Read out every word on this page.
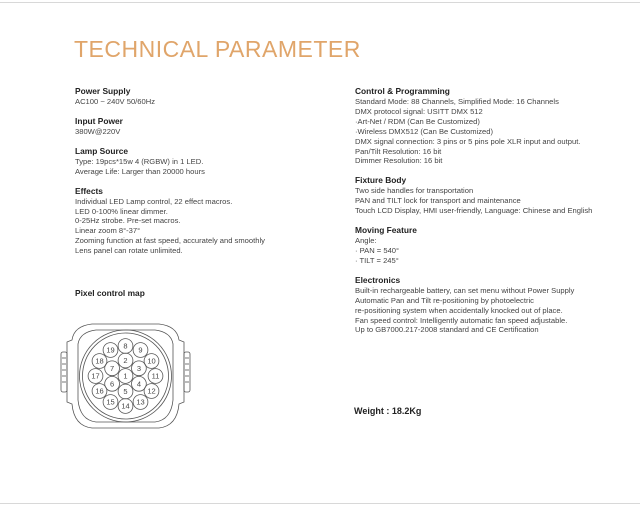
TECHNICAL PARAMETER
Power Supply
AC100 ~ 240V 50/60Hz
Input Power
380W@220V
Lamp Source
Type: 19pcs*15w 4 (RGBW) in 1 LED.
Average Life: Larger than 20000 hours
Effects
Individual LED Lamp control, 22 effect macros.
LED 0-100% linear dimmer.
0-25Hz strobe. Pre-set macros.
Linear zoom 8°-37°
Zooming function at fast speed, accurately and smoothly
Lens panel can rotate unlimited.
Pixel control map
1
2
3
4
5
6
7
8 9
10
11
12
13
14
15
16
17
18
19
Control & Programming
Standard Mode: 88 Channels, Simplified Mode: 16 Channels
DMX protocol signal: USITT DMX 512
·Art-Net / RDM (Can Be Customized)
·Wireless DMX512 (Can Be Customized)
DMX signal connection: 3 pins or 5 pins pole XLR input and output.
Pan/Tilt Resolution: 16 bit
Dimmer Resolution: 16 bit
Fixture Body
Two side handles for transportation
PAN and TILT lock for transport and maintenance
Touch LCD Display, HMI user-friendly, Language: Chinese and English
Moving Feature
Angle:
· PAN = 540°
· TILT = 245°
Electronics
Built-in rechargeable battery, can set menu without Power Supply
Automatic Pan and Tilt re-positioning by photoelectric
re-positioning system when accidentally knocked out of place.
Fan speed control: Intelligently automatic fan speed adjustable.
Up to GB7000.217-2008 standard and CE Certification
Weight : 18.2Kg
